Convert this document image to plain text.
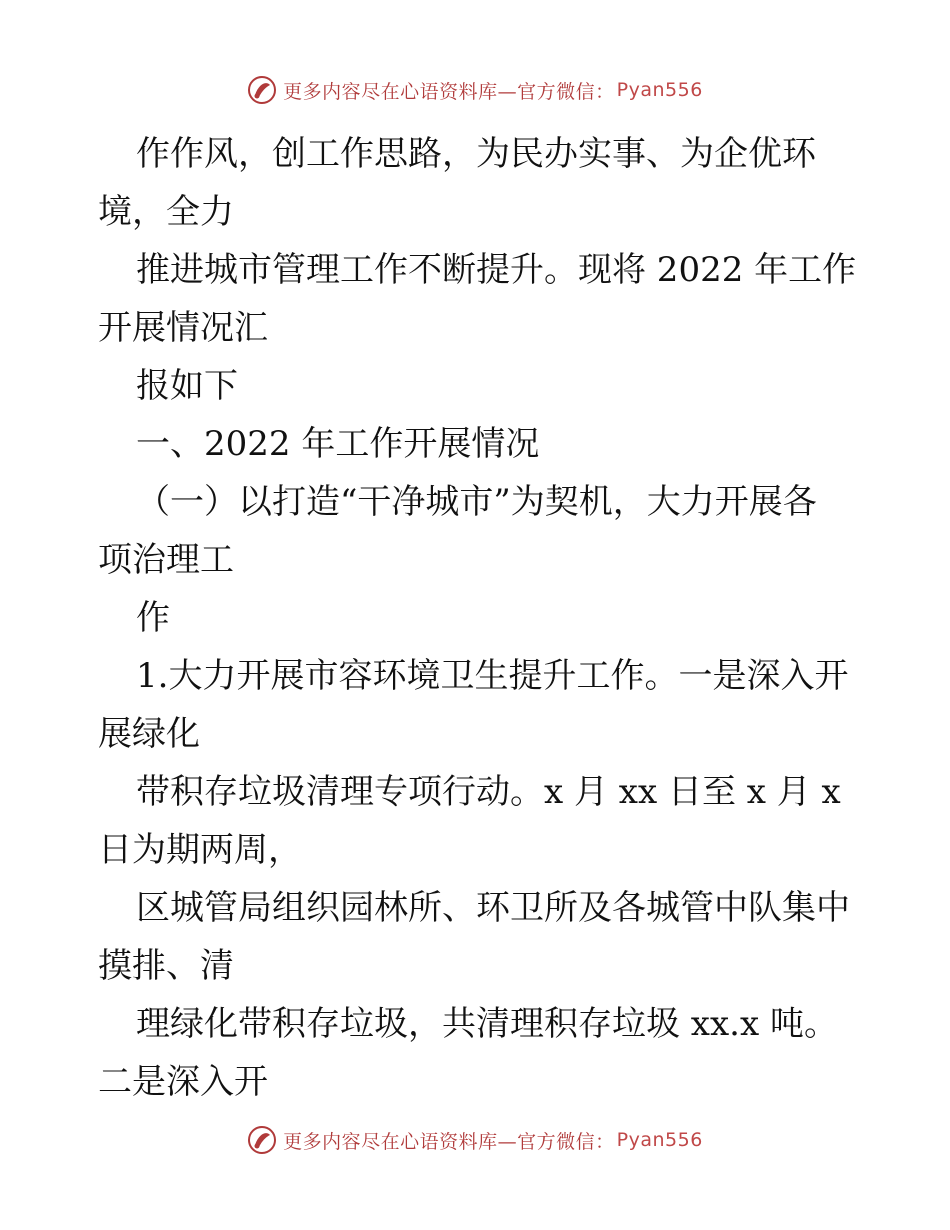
更多内容尽在心语资料库—官方微信： Pyan556
作作风，创工作思路，为民办实事、为企优环
境，全力
推进城市管理工作不断提升。现将 2022 年工作
开展情况汇
报如下
一、2022 年工作开展情况
（一）以打造“干净城市”为契机，大力开展各
项治理工
作
1.大力开展市容环境卫生提升工作。一是深入开
展绿化
带积存垃圾清理专项行动。x 月 xx 日至 x 月 x
日为期两周，
区城管局组织园林所、环卫所及各城管中队集中
摸排、清
理绿化带积存垃圾，共清理积存垃圾 xx.x 吨。
二是深入开
更多内容尽在心语资料库—官方微信： Pyan556
